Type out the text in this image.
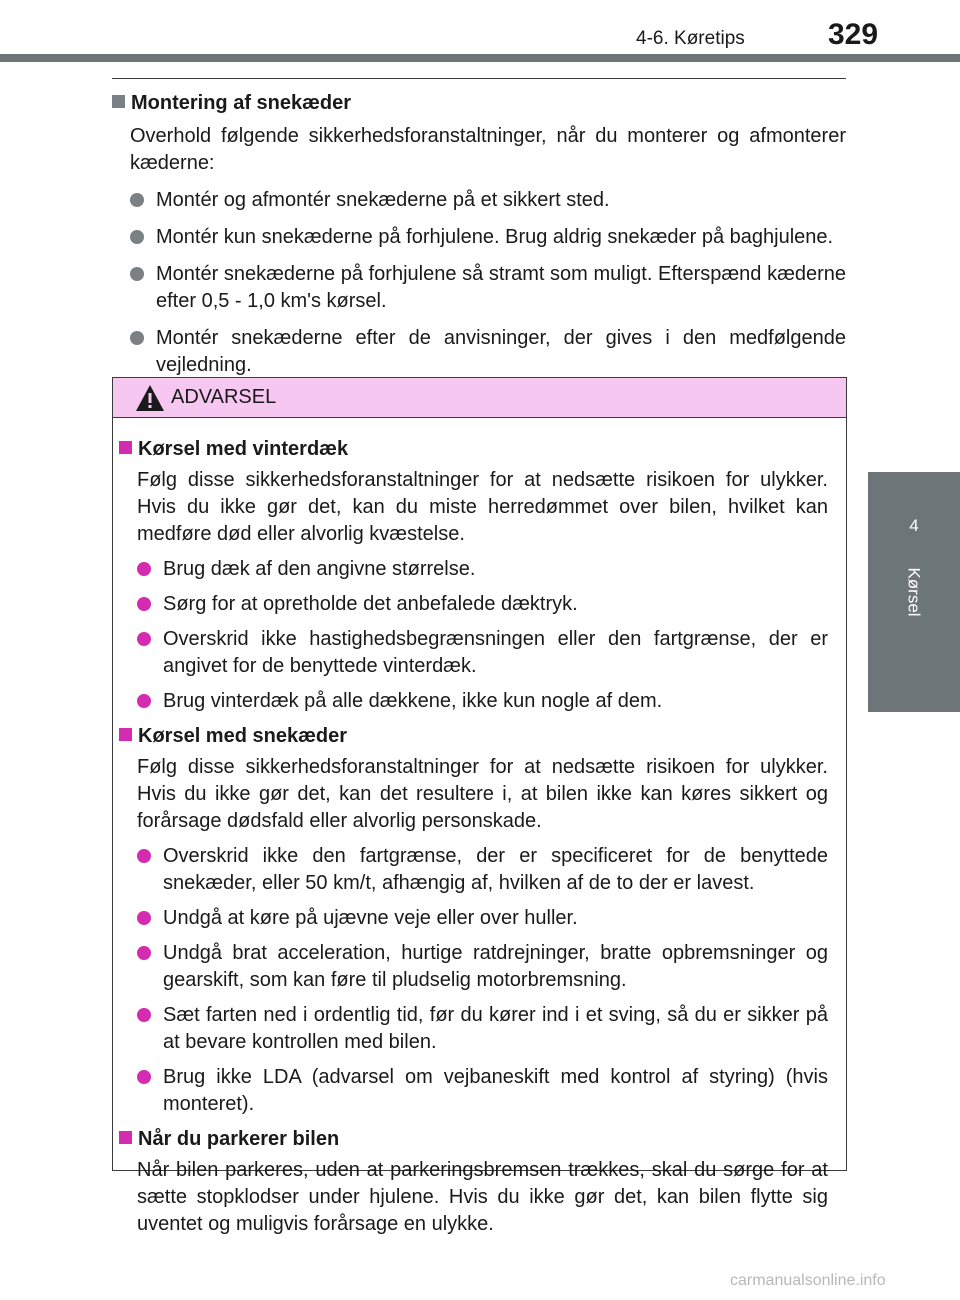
4-6. Køretips	329
4
Kørsel

Montering af snekæder

Overhold følgende sikkerhedsforanstaltninger, når du monterer og afmonterer kæderne:

Montér og afmontér snekæderne på et sikkert sted.
Montér kun snekæderne på forhjulene. Brug aldrig snekæder på baghjulene.
Montér snekæderne på forhjulene så stramt som muligt. Efterspænd kæderne efter 0,5 - 1,0 km's kørsel.
Montér snekæderne efter de anvisninger, der gives i den medfølgende vejledning.
ADVARSEL

Kørsel med vinterdæk

Følg disse sikkerhedsforanstaltninger for at nedsætte risikoen for ulykker. Hvis du ikke gør det, kan du miste herredømmet over bilen, hvilket kan medføre død eller alvorlig kvæstelse.

Brug dæk af den angivne størrelse.
Sørg for at opretholde det anbefalede dæktryk.
Overskrid ikke hastighedsbegrænsningen eller den fartgrænse, der er angivet for de benyttede vinterdæk.
Brug vinterdæk på alle dækkene, ikke kun nogle af dem.

Kørsel med snekæder

Følg disse sikkerhedsforanstaltninger for at nedsætte risikoen for ulykker. Hvis du ikke gør det, kan det resultere i, at bilen ikke kan køres sikkert og forårsage dødsfald eller alvorlig personskade.

Overskrid ikke den fartgrænse, der er specificeret for de benyttede snekæder, eller 50 km/t, afhængig af, hvilken af de to der er lavest.
Undgå at køre på ujævne veje eller over huller.
Undgå brat acceleration, hurtige ratdrejninger, bratte opbremsninger og gearskift, som kan føre til pludselig motorbremsning.
Sæt farten ned i ordentlig tid, før du kører ind i et sving, så du er sikker på at bevare kontrollen med bilen.
Brug ikke LDA (advarsel om vejbaneskift med kontrol af styring) (hvis monteret).

Når du parkerer bilen

Når bilen parkeres, uden at parkeringsbremsen trækkes, skal du sørge for at sætte stopklodser under hjulene. Hvis du ikke gør det, kan bilen flytte sig uventet og muligvis forårsage en ulykke.

carmanualsonline.info
